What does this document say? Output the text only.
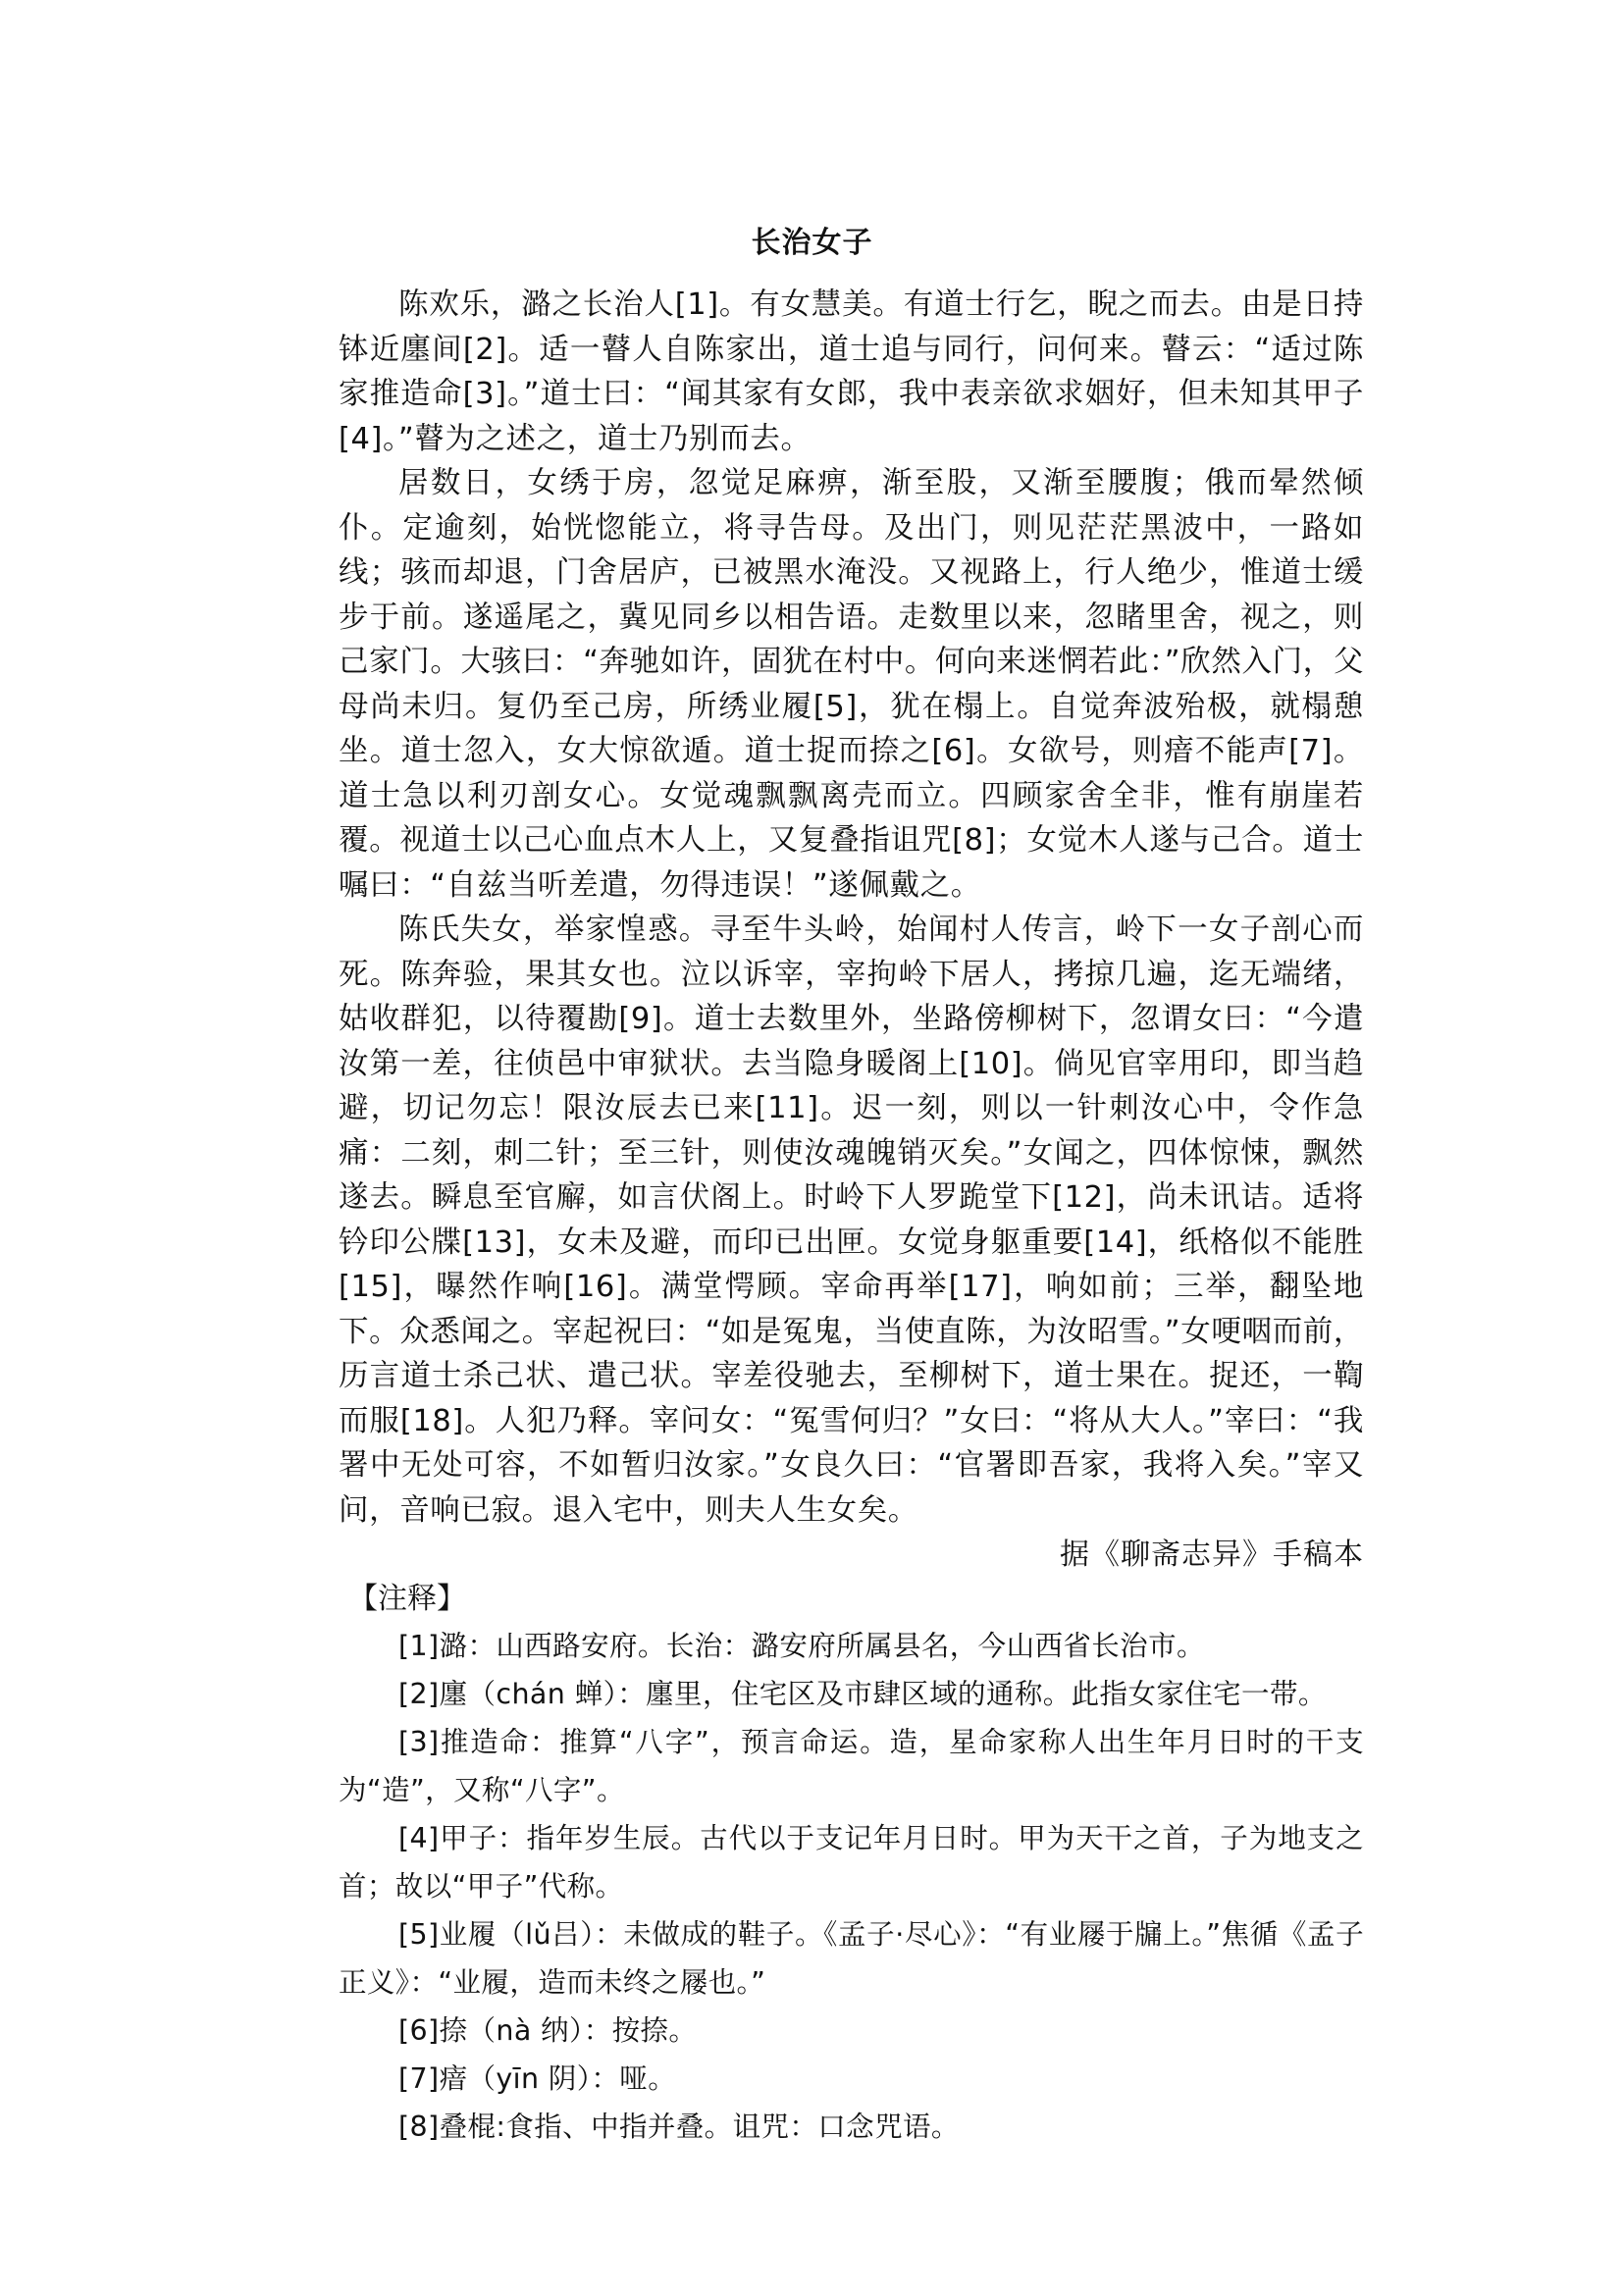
长治女子

陈欢乐，潞之长治人[1]。有女慧美。有道士行乞，睨之而去。由是日持钵近廛间[2]。适一瞽人自陈家出，道士追与同行，问何来。瞽云：“适过陈家推造命[3]。”道士曰：“闻其家有女郎，我中表亲欲求姻好，但未知其甲子[4]。”瞽为之述之，道士乃别而去。

居数日，女绣于房，忽觉足麻痹，渐至股，又渐至腰腹；俄而晕然倾仆。定逾刻，始恍惚能立，将寻告母。及出门，则见茫茫黑波中，一路如线；骇而却退，门舍居庐，已被黑水淹没。又视路上，行人绝少，惟道士缓步于前。遂遥尾之，冀见同乡以相告语。走数里以来，忽睹里舍，视之，则己家门。大骇曰：“奔驰如许，固犹在村中。何向来迷惘若此：”欣然入门，父母尚未归。复仍至己房，所绣业履[5]，犹在榻上。自觉奔波殆极，就榻憩坐。道士忽入，女大惊欲遁。道士捉而捺之[6]。女欲号，则瘖不能声[7]。道士急以利刃剖女心。女觉魂飘飘离壳而立。四顾家舍全非，惟有崩崖若覆。视道士以己心血点木人上，又复叠指诅咒[8]；女觉木人遂与己合。道士嘱曰：“自兹当听差遣，勿得违误！”遂佩戴之。

陈氏失女，举家惶惑。寻至牛头岭，始闻村人传言，岭下一女子剖心而死。陈奔验，果其女也。泣以诉宰，宰拘岭下居人，拷掠几遍，迄无端绪，姑收群犯，以待覆勘[9]。道士去数里外，坐路傍柳树下，忽谓女曰：“今遣汝第一差，往侦邑中审狱状。去当隐身暖阁上[10]。倘见官宰用印，即当趋避，切记勿忘！限汝辰去已来[11]。迟一刻，则以一针刺汝心中，令作急痛：二刻，刺二针；至三针，则使汝魂魄销灭矣。”女闻之，四体惊悚，飘然遂去。瞬息至官廨，如言伏阁上。时岭下人罗跪堂下[12]，尚未讯诘。适将钤印公牒[13]，女未及避，而印已出匣。女觉身躯重要[14]，纸格似不能胜[15]，曝然作响[16]。满堂愕顾。宰命再举[17]，响如前；三举，翻坠地下。众悉闻之。宰起祝曰：“如是冤鬼，当使直陈，为汝昭雪。”女哽咽而前，历言道士杀己状、遣己状。宰差役驰去，至柳树下，道士果在。捉还，一鞫而服[18]。人犯乃释。宰问女：“冤雪何归？”女曰：“将从大人。”宰曰：“我署中无处可容，不如暂归汝家。”女良久曰：“官署即吾家，我将入矣。”宰又问，音响已寂。退入宅中，则夫人生女矣。

据《聊斋志异》手稿本

【注释】

[1]潞：山西路安府。长治：潞安府所属县名，今山西省长治市。

[2]廛（chán 蝉）：廛里，住宅区及市肆区域的通称。此指女家住宅一带。

[3]推造命：推算“八字”，预言命运。造，星命家称人出生年月日时的干支为“造”，又称“八字”。

[4]甲子：指年岁生辰。古代以于支记年月日时。甲为天干之首，子为地支之首；故以“甲子”代称。

[5]业履（lǔ吕）：未做成的鞋子。《孟子·尽心》：“有业屦于牖上。”焦循《孟子正义》：“业履，造而未终之屦也。”

[6]捺（nà 纳）：按捺。

[7]瘖（yīn 阴）：哑。

[8]叠棍:食指、中指并叠。诅咒：口念咒语。
